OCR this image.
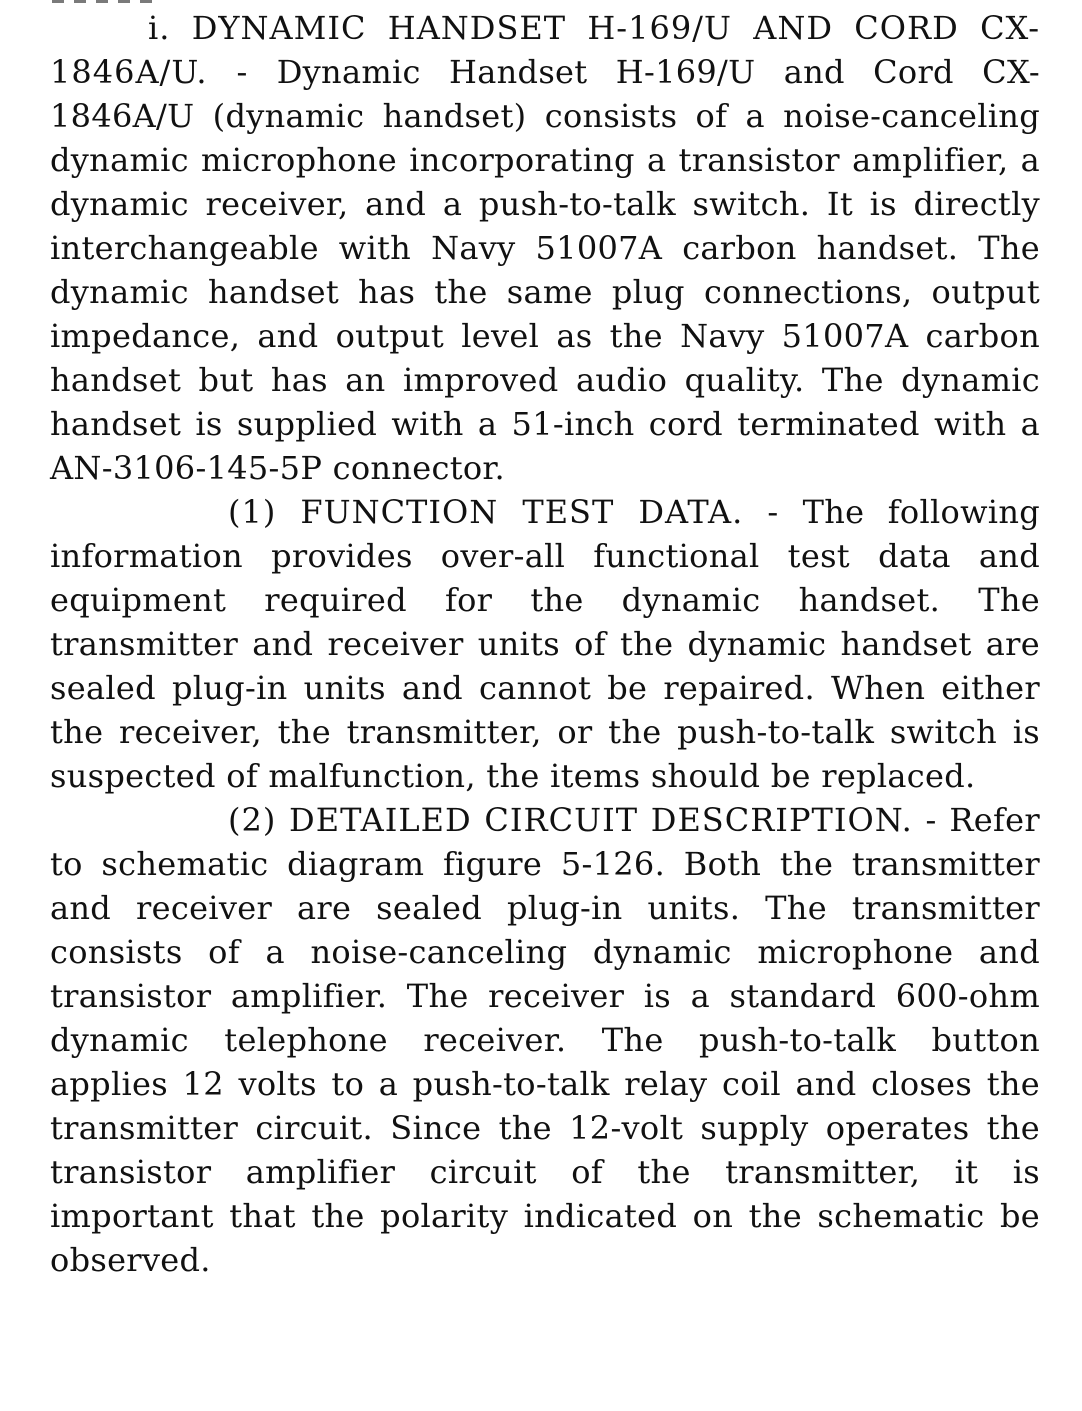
i. DYNAMIC HANDSET H-169/U AND CORD CX-1846A/U. - Dynamic Handset H-169/U and Cord CX-1846A/U (dynamic handset) consists of a noise-canceling dynamic microphone incorporating a transistor amplifier, a dynamic receiver, and a push-to-talk switch. It is directly interchangeable with Navy 51007A carbon handset. The dynamic handset has the same plug connections, output impedance, and output level as the Navy 51007A carbon handset but has an improved audio quality. The dynamic handset is supplied with a 51-inch cord terminated with a AN-3106-145-5P connector.

(1) FUNCTION TEST DATA. - The following information provides over-all functional test data and equipment required for the dynamic handset. The transmitter and receiver units of the dynamic handset are sealed plug-in units and cannot be repaired. When either the receiver, the transmitter, or the push-to-talk switch is suspected of malfunction, the items should be replaced.

(2) DETAILED CIRCUIT DESCRIPTION. - Refer to schematic diagram figure 5-126. Both the transmitter and receiver are sealed plug-in units. The transmitter consists of a noise-canceling dynamic microphone and transistor amplifier. The receiver is a standard 600-ohm dynamic telephone receiver. The push-to-talk button applies 12 volts to a push-to-talk relay coil and closes the transmitter circuit. Since the 12-volt supply operates the transistor amplifier circuit of the transmitter, it is important that the polarity indicated on the schematic be observed.
